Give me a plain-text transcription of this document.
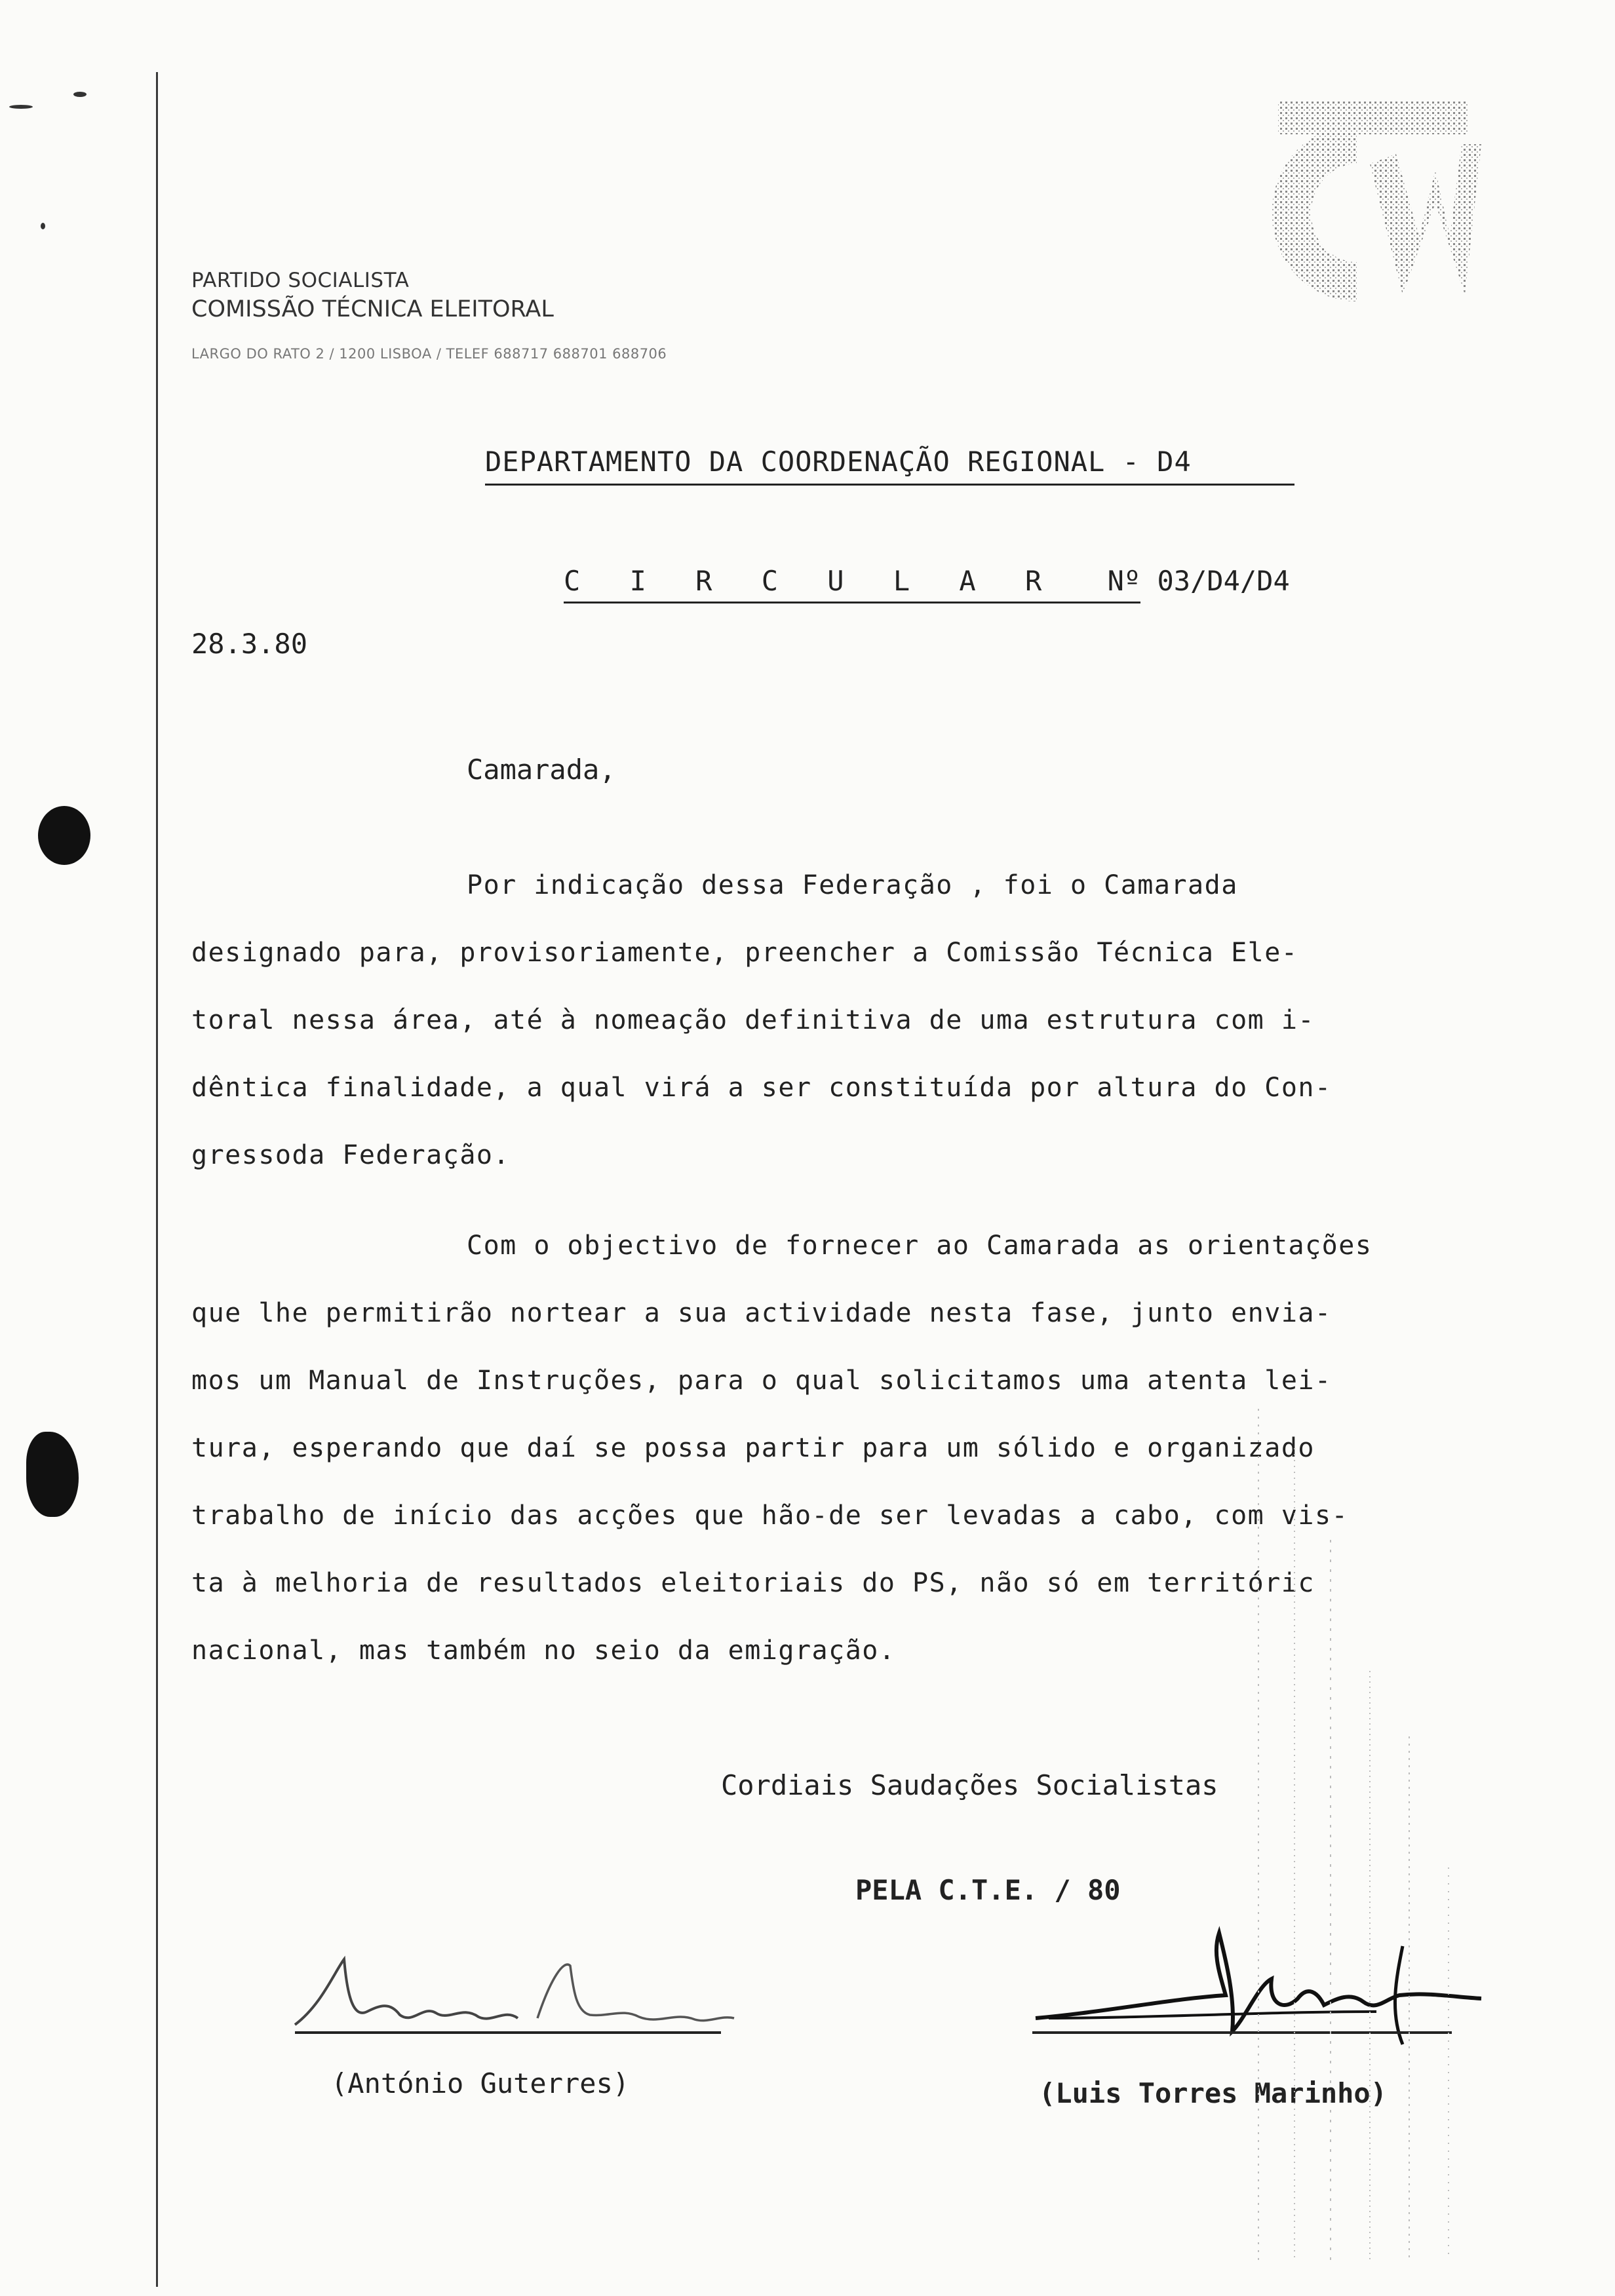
PARTIDO SOCIALISTA
COMISSÃO TÉCNICA ELEITORAL
LARGO DO RATO 2 / 1200 LISBOA / TELEF 688717 688701 688706
DEPARTAMENTO DA COORDENAÇÃO REGIONAL - D4
C I R C U L A R Nº 03/D4/D4
28.3.80
Camarada,

Por indicação dessa Federação , foi o Camarada
designado para, provisoriamente, preencher a Comissão Técnica Ele-
toral nessa área, até à nomeação definitiva de uma estrutura com i-
dêntica finalidade, a qual virá a ser constituída por altura do Con-
gressoda Federação.

Com o objectivo de fornecer ao Camarada as orientações
que lhe permitirão nortear a sua actividade nesta fase, junto envia-
mos um Manual de Instruções, para o qual solicitamos uma atenta lei-
tura, esperando que daí se possa partir para um sólido e organizado
trabalho de início das acções que hão-de ser levadas a cabo, com vis-
ta à melhoria de resultados eleitoriais do PS, não só em territóric
nacional, mas também no seio da emigração.

Cordiais Saudações Socialistas
PELA C.T.E. / 80
(António Guterres)	(Luis Torres Marinho)
